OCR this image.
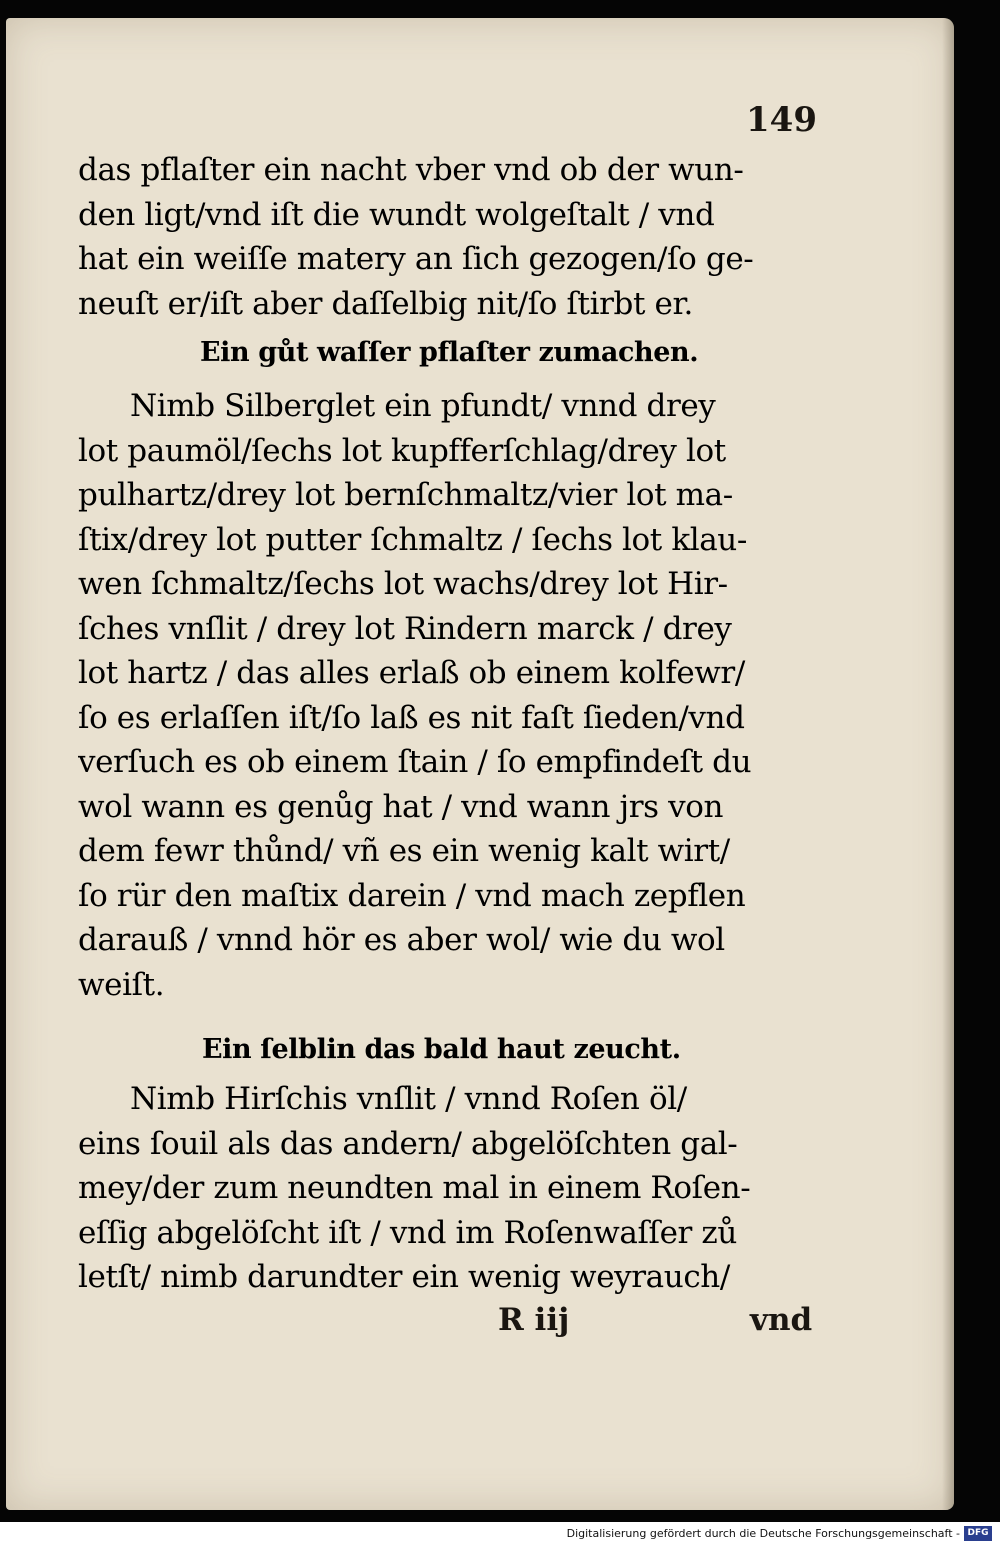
149
das pflaſter ein nacht vber vnd ob der wun-
den ligt/vnd iſt die wundt wolgeſtalt / vnd
hat ein weiſſe matery an ſich gezogen/ſo ge-
neuſt er/iſt aber daſſelbig nit/ſo ſtirbt er.
Ein gůt waſſer pflaſter zumachen.
Nimb Silberglet ein pfundt/ vnnd drey
lot paumöl/ſechs lot kupfferſchlag/drey lot
pulhartz/drey lot bernſchmaltz/vier lot ma-
ſtix/drey lot putter ſchmaltz / ſechs lot klau-
wen ſchmaltz/ſechs lot wachs/drey lot Hir-
ſches vnſlit / drey lot Rindern marck / drey
lot hartz / das alles erlaß ob einem kolfewr/
ſo es erlaſſen iſt/ſo laß es nit faſt ſieden/vnd
verſuch es ob einem ſtain / ſo empfindeſt du
wol wann es genůg hat / vnd wann jrs von
dem fewr thůnd/ vñ es ein wenig kalt wirt/
ſo rür den maſtix darein / vnd mach zepflen
darauß / vnnd hör es aber wol/ wie du wol
weiſt.
Ein ſelblin das bald haut zeucht.
Nimb Hirſchis vnſlit / vnnd Roſen öl/
eins ſouil als das andern/ abgelöſchten gal-
mey/der zum neundten mal in einem Roſen-
eſſig abgelöſcht iſt / vnd im Roſenwaſſer zů
letſt/ nimb darundter ein wenig weyrauch/
R iij	vnd
Digitalisierung gefördert durch die Deutsche Forschungsgemeinschaft - DFG
